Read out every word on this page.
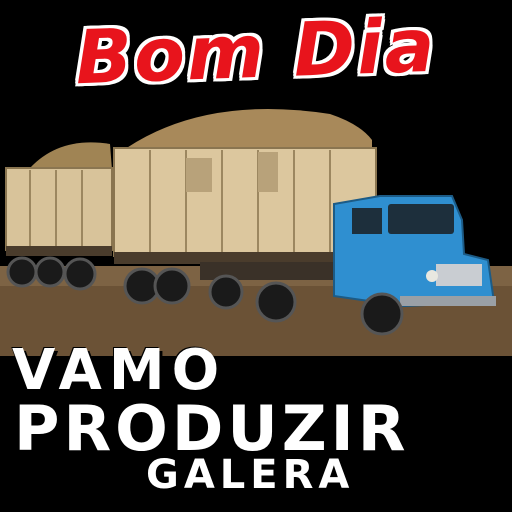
Bom Dia
VAMO
PRODUZIR
GALERA
